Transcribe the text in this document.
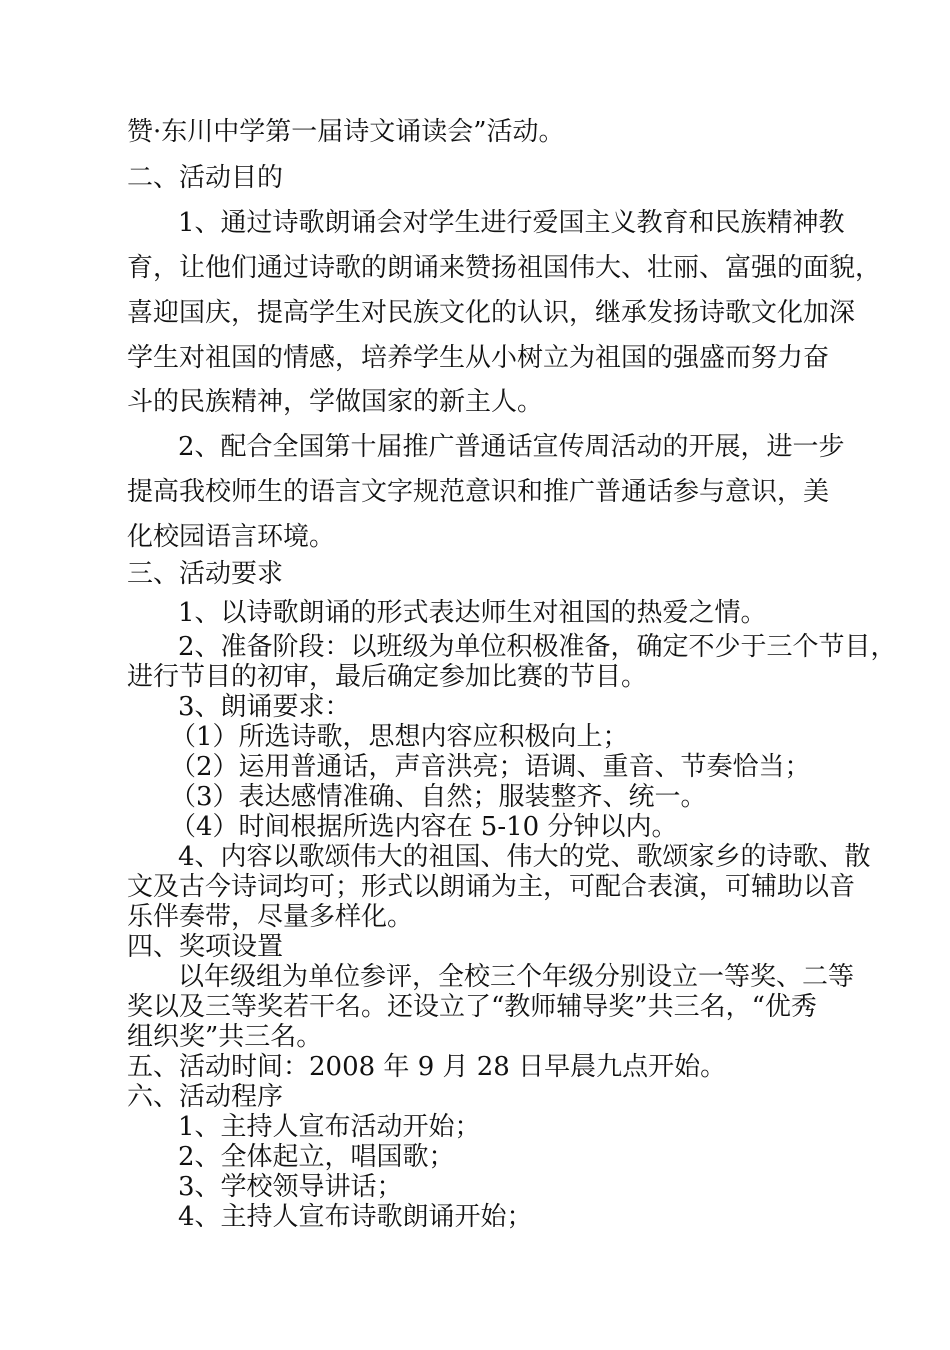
赞·东川中学第一届诗文诵读会”活动。

二、活动目的

1、通过诗歌朗诵会对学生进行爱国主义教育和民族精神教

育，让他们通过诗歌的朗诵来赞扬祖国伟大、壮丽、富强的面貌，

喜迎国庆，提高学生对民族文化的认识，继承发扬诗歌文化加深

学生对祖国的情感，培养学生从小树立为祖国的强盛而努力奋

斗的民族精神，学做国家的新主人。

2、配合全国第十届推广普通话宣传周活动的开展，进一步

提高我校师生的语言文字规范意识和推广普通话参与意识，美

化校园语言环境。

三、活动要求

1、以诗歌朗诵的形式表达师生对祖国的热爱之情。

2、准备阶段：以班级为单位积极准备，确定不少于三个节目，

进行节目的初审，最后确定参加比赛的节目。

3、朗诵要求：

（1）所选诗歌，思想内容应积极向上；

（2）运用普通话，声音洪亮；语调、重音、节奏恰当；

（3）表达感情准确、自然；服装整齐、统一。

（4）时间根据所选内容在 5-10 分钟以内。

4、内容以歌颂伟大的祖国、伟大的党、歌颂家乡的诗歌、散

文及古今诗词均可；形式以朗诵为主，可配合表演，可辅助以音

乐伴奏带，尽量多样化。

四、奖项设置

以年级组为单位参评，全校三个年级分别设立一等奖、二等

奖以及三等奖若干名。还设立了“教师辅导奖”共三名，“优秀

组织奖”共三名。

五、活动时间：2008 年 9 月 28 日早晨九点开始。

六、活动程序

1、主持人宣布活动开始；

2、全体起立，唱国歌；

3、学校领导讲话；

4、主持人宣布诗歌朗诵开始；
